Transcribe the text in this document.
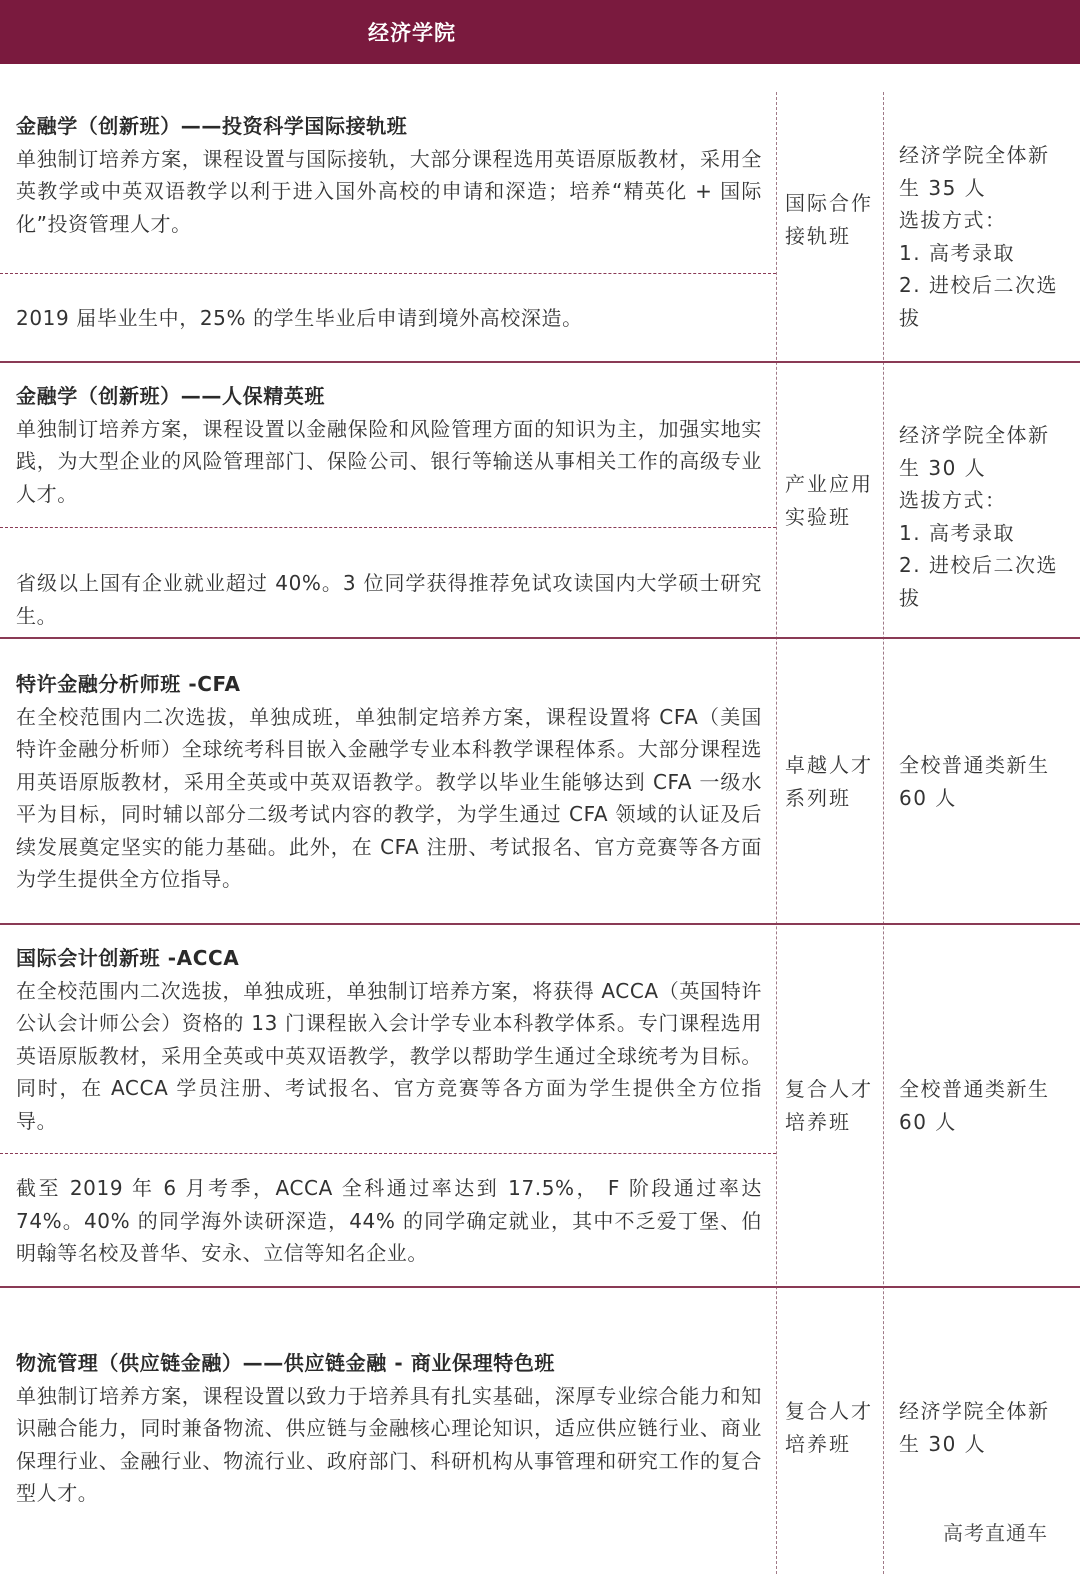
经济学院
金融学（创新班）——投资科学国际接轨班
单独制订培养方案，课程设置与国际接轨，大部分课程选用英语原版教材，采用全英教学或中英双语教学以利于进入国外高校的申请和深造；培养“精英化 + 国际化”投资管理人才。
2019 届毕业生中，25% 的学生毕业后申请到境外高校深造。
国际合作接轨班
经济学院全体新生 35 人
选拔方式：
1. 高考录取
2. 进校后二次选拔
金融学（创新班）——人保精英班
单独制订培养方案，课程设置以金融保险和风险管理方面的知识为主，加强实地实践，为大型企业的风险管理部门、保险公司、银行等输送从事相关工作的高级专业人才。
省级以上国有企业就业超过 40%。3 位同学获得推荐免试攻读国内大学硕士研究生。
产业应用实验班
经济学院全体新生 30 人
选拔方式：
1. 高考录取
2. 进校后二次选拔
特许金融分析师班 -CFA
在全校范围内二次选拔，单独成班，单独制定培养方案，课程设置将 CFA（美国特许金融分析师）全球统考科目嵌入金融学专业本科教学课程体系。大部分课程选用英语原版教材，采用全英或中英双语教学。教学以毕业生能够达到 CFA 一级水平为目标，同时辅以部分二级考试内容的教学，为学生通过 CFA 领域的认证及后续发展奠定坚实的能力基础。此外，在 CFA 注册、考试报名、官方竞赛等各方面为学生提供全方位指导。
卓越人才系列班
全校普通类新生 60 人
国际会计创新班 -ACCA
在全校范围内二次选拔，单独成班，单独制订培养方案，将获得 ACCA（英国特许公认会计师公会）资格的 13 门课程嵌入会计学专业本科教学体系。专门课程选用英语原版教材，采用全英或中英双语教学，教学以帮助学生通过全球统考为目标。同时，在 ACCA 学员注册、考试报名、官方竞赛等各方面为学生提供全方位指导。
截至 2019 年 6 月考季，ACCA 全科通过率达到 17.5%， F 阶段通过率达 74%。40% 的同学海外读研深造，44% 的同学确定就业，其中不乏爱丁堡、伯明翰等名校及普华、安永、立信等知名企业。
复合人才培养班
全校普通类新生 60 人
物流管理（供应链金融）——供应链金融 - 商业保理特色班
单独制订培养方案，课程设置以致力于培养具有扎实基础，深厚专业综合能力和知识融合能力，同时兼备物流、供应链与金融核心理论知识，适应供应链行业、商业保理行业、金融行业、物流行业、政府部门、科研机构从事管理和研究工作的复合型人才。
复合人才培养班
经济学院全体新生 30 人
高考直通车
